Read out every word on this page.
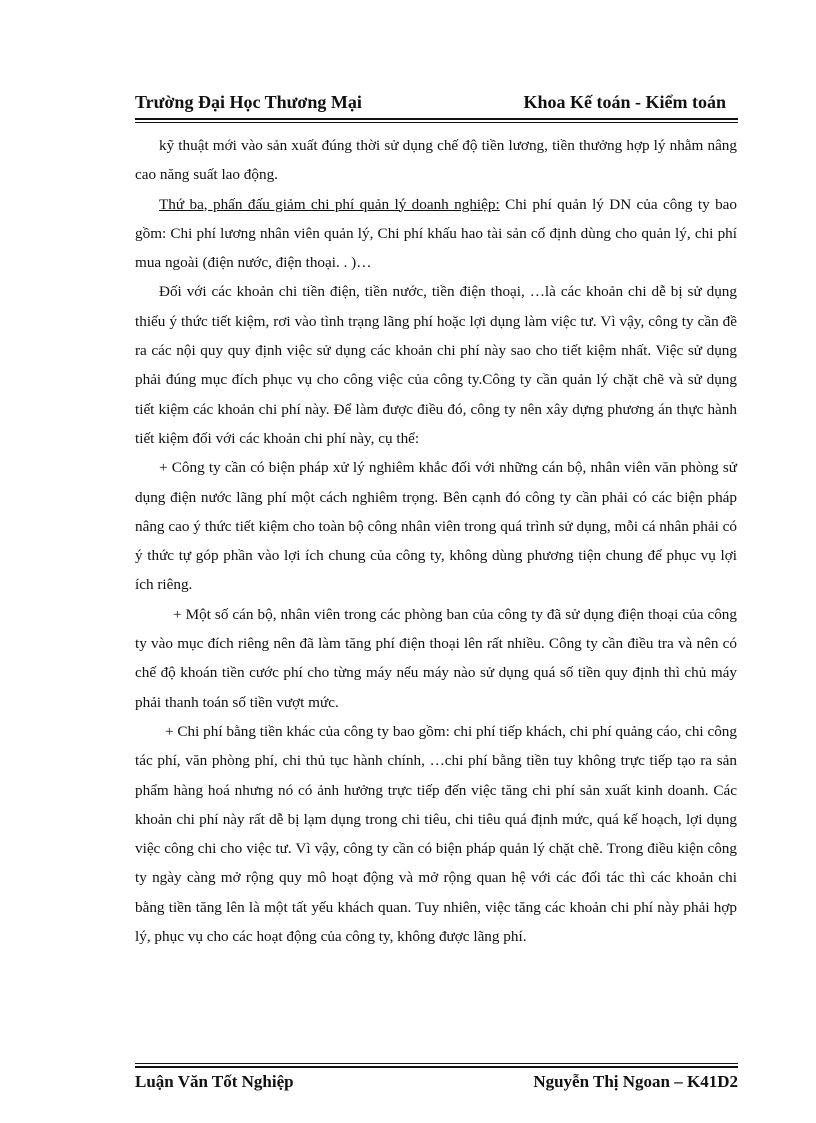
Trường Đại Học Thương Mại	Khoa Kế toán - Kiểm toán

kỹ thuật mới vào sản xuất đúng thời sử dụng chế độ tiền lương, tiền thưởng hợp lý nhằm nâng cao năng suất lao động.

Thứ ba, phấn đấu giảm chi phí quản lý doanh nghiệp: Chi phí quản lý DN của công ty bao gồm: Chi phí lương nhân viên quản lý, Chi phí khấu hao tài sản cố định dùng cho quản lý, chi phí mua ngoài (điện nước, điện thoại. . )…

Đối với các khoản chi tiền điện, tiền nước, tiền điện thoại, …là các khoản chi dễ bị sử dụng thiếu ý thức tiết kiệm, rơi vào tình trạng lãng phí hoặc lợi dụng làm việc tư. Vì vậy, công ty cần đề ra các nội quy quy định việc sử dụng các khoản chi phí này sao cho tiết kiệm nhất. Việc sử dụng phải đúng mục đích phục vụ cho công việc của công ty.Công ty cần quản lý chặt chẽ và sử dụng tiết kiệm các khoản chi phí này. Để làm được điều đó, công ty nên xây dựng phương án thực hành tiết kiệm đối với các khoản chi phí này, cụ thể:

+ Công ty cần có biện pháp xử lý nghiêm khắc đối với những cán bộ, nhân viên văn phòng sử dụng điện nước lãng phí một cách nghiêm trọng. Bên cạnh đó công ty cần phải có các biện pháp nâng cao ý thức tiết kiệm cho toàn bộ công nhân viên trong quá trình sử dụng, mỗi cá nhân phải có ý thức tự góp phần vào lợi ích chung của công ty, không dùng phương tiện chung để phục vụ lợi ích riêng.

+ Một số cán bộ, nhân viên trong các phòng ban của công ty đã sử dụng điện thoại của công ty vào mục đích riêng nên đã làm tăng phí điện thoại lên rất nhiều. Công ty cần điều tra và nên có chế độ khoán tiền cước phí cho từng máy nếu máy nào sử dụng quá số tiền quy định thì chủ máy phải thanh toán số tiền vượt mức.

+ Chi phí bằng tiền khác của công ty bao gồm: chi phí tiếp khách, chi phí quảng cáo, chi công tác phí, văn phòng phí, chi thủ tục hành chính, …chi phí bằng tiền tuy không trực tiếp tạo ra sản phẩm hàng hoá nhưng nó có ảnh hưởng trực tiếp đến việc tăng chi phí sản xuất kinh doanh. Các khoản chi phí này rất dễ bị lạm dụng trong chi tiêu, chi tiêu quá định mức, quá kế hoạch, lợi dụng việc công chi cho việc tư. Vì vậy, công ty cần có biện pháp quản lý chặt chẽ. Trong điều kiện công ty ngày càng mở rộng quy mô hoạt động và mở rộng quan hệ với các đối tác thì các khoản chi bằng tiền tăng lên là một tất yếu khách quan. Tuy nhiên, việc tăng các khoản chi phí này phải hợp lý, phục vụ cho các hoạt động của công ty, không được lãng phí.

Luận Văn Tốt Nghiệp	Nguyễn Thị Ngoan – K41D2
